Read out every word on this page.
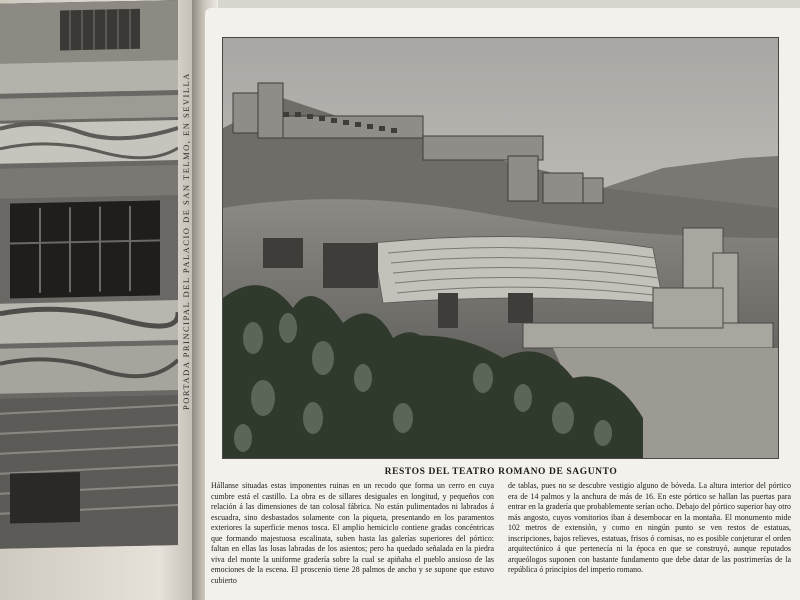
PORTADA PRINCIPAL DEL PALACIO DE SAN TELMO, EN SEVILLA
RESTOS DEL TEATRO ROMANO DE SAGUNTO

Hállanse situadas estas imponentes ruinas en un recodo que forma un cerro en cuya cumbre está el castillo. La obra es de sillares desiguales en longitud, y pequeños con relación á las dimensiones de tan colosal fábrica. No están pulimentados ni labrados á escuadra, sino desbastados solamente con la piqueta, presentando en los paramentos exteriores la superficie menos tosca. El amplio hemiciclo contiene gradas concéntricas que formando majestuosa escalinata, suben hasta las galerías superiores del pórtico: faltan en ellas las losas labradas de los asientos; pero ha quedado señalada en la piedra viva del monte la uniforme gradería sobre la cual se apiñaba el pueblo ansioso de las emociones de la escena. El proscenio tiene 28 palmos de ancho y se supone que estuvo cubierto

de tablas, pues no se descubre vestigio alguno de bóveda. La altura interior del pórtico era de 14 palmos y la anchura de más de 16. En este pórtico se hallan las puertas para entrar en la gradería que probablemente serían ocho. Debajo del pórtico superior hay otro más angosto, cuyos vomitorios iban á desembocar en la montaña. El monumento mide 102 metros de extensión, y como en ningún punto se ven restos de estatuas, inscripciones, bajos relieves, estatuas, frisos ó cornisas, no es posible conjeturar el orden arquitectónico á que pertenecía ni la época en que se construyó, aunque reputados arqueólogos suponen con bastante fundamento que debe datar de las postrimerías de la república ó principios del imperio romano.
